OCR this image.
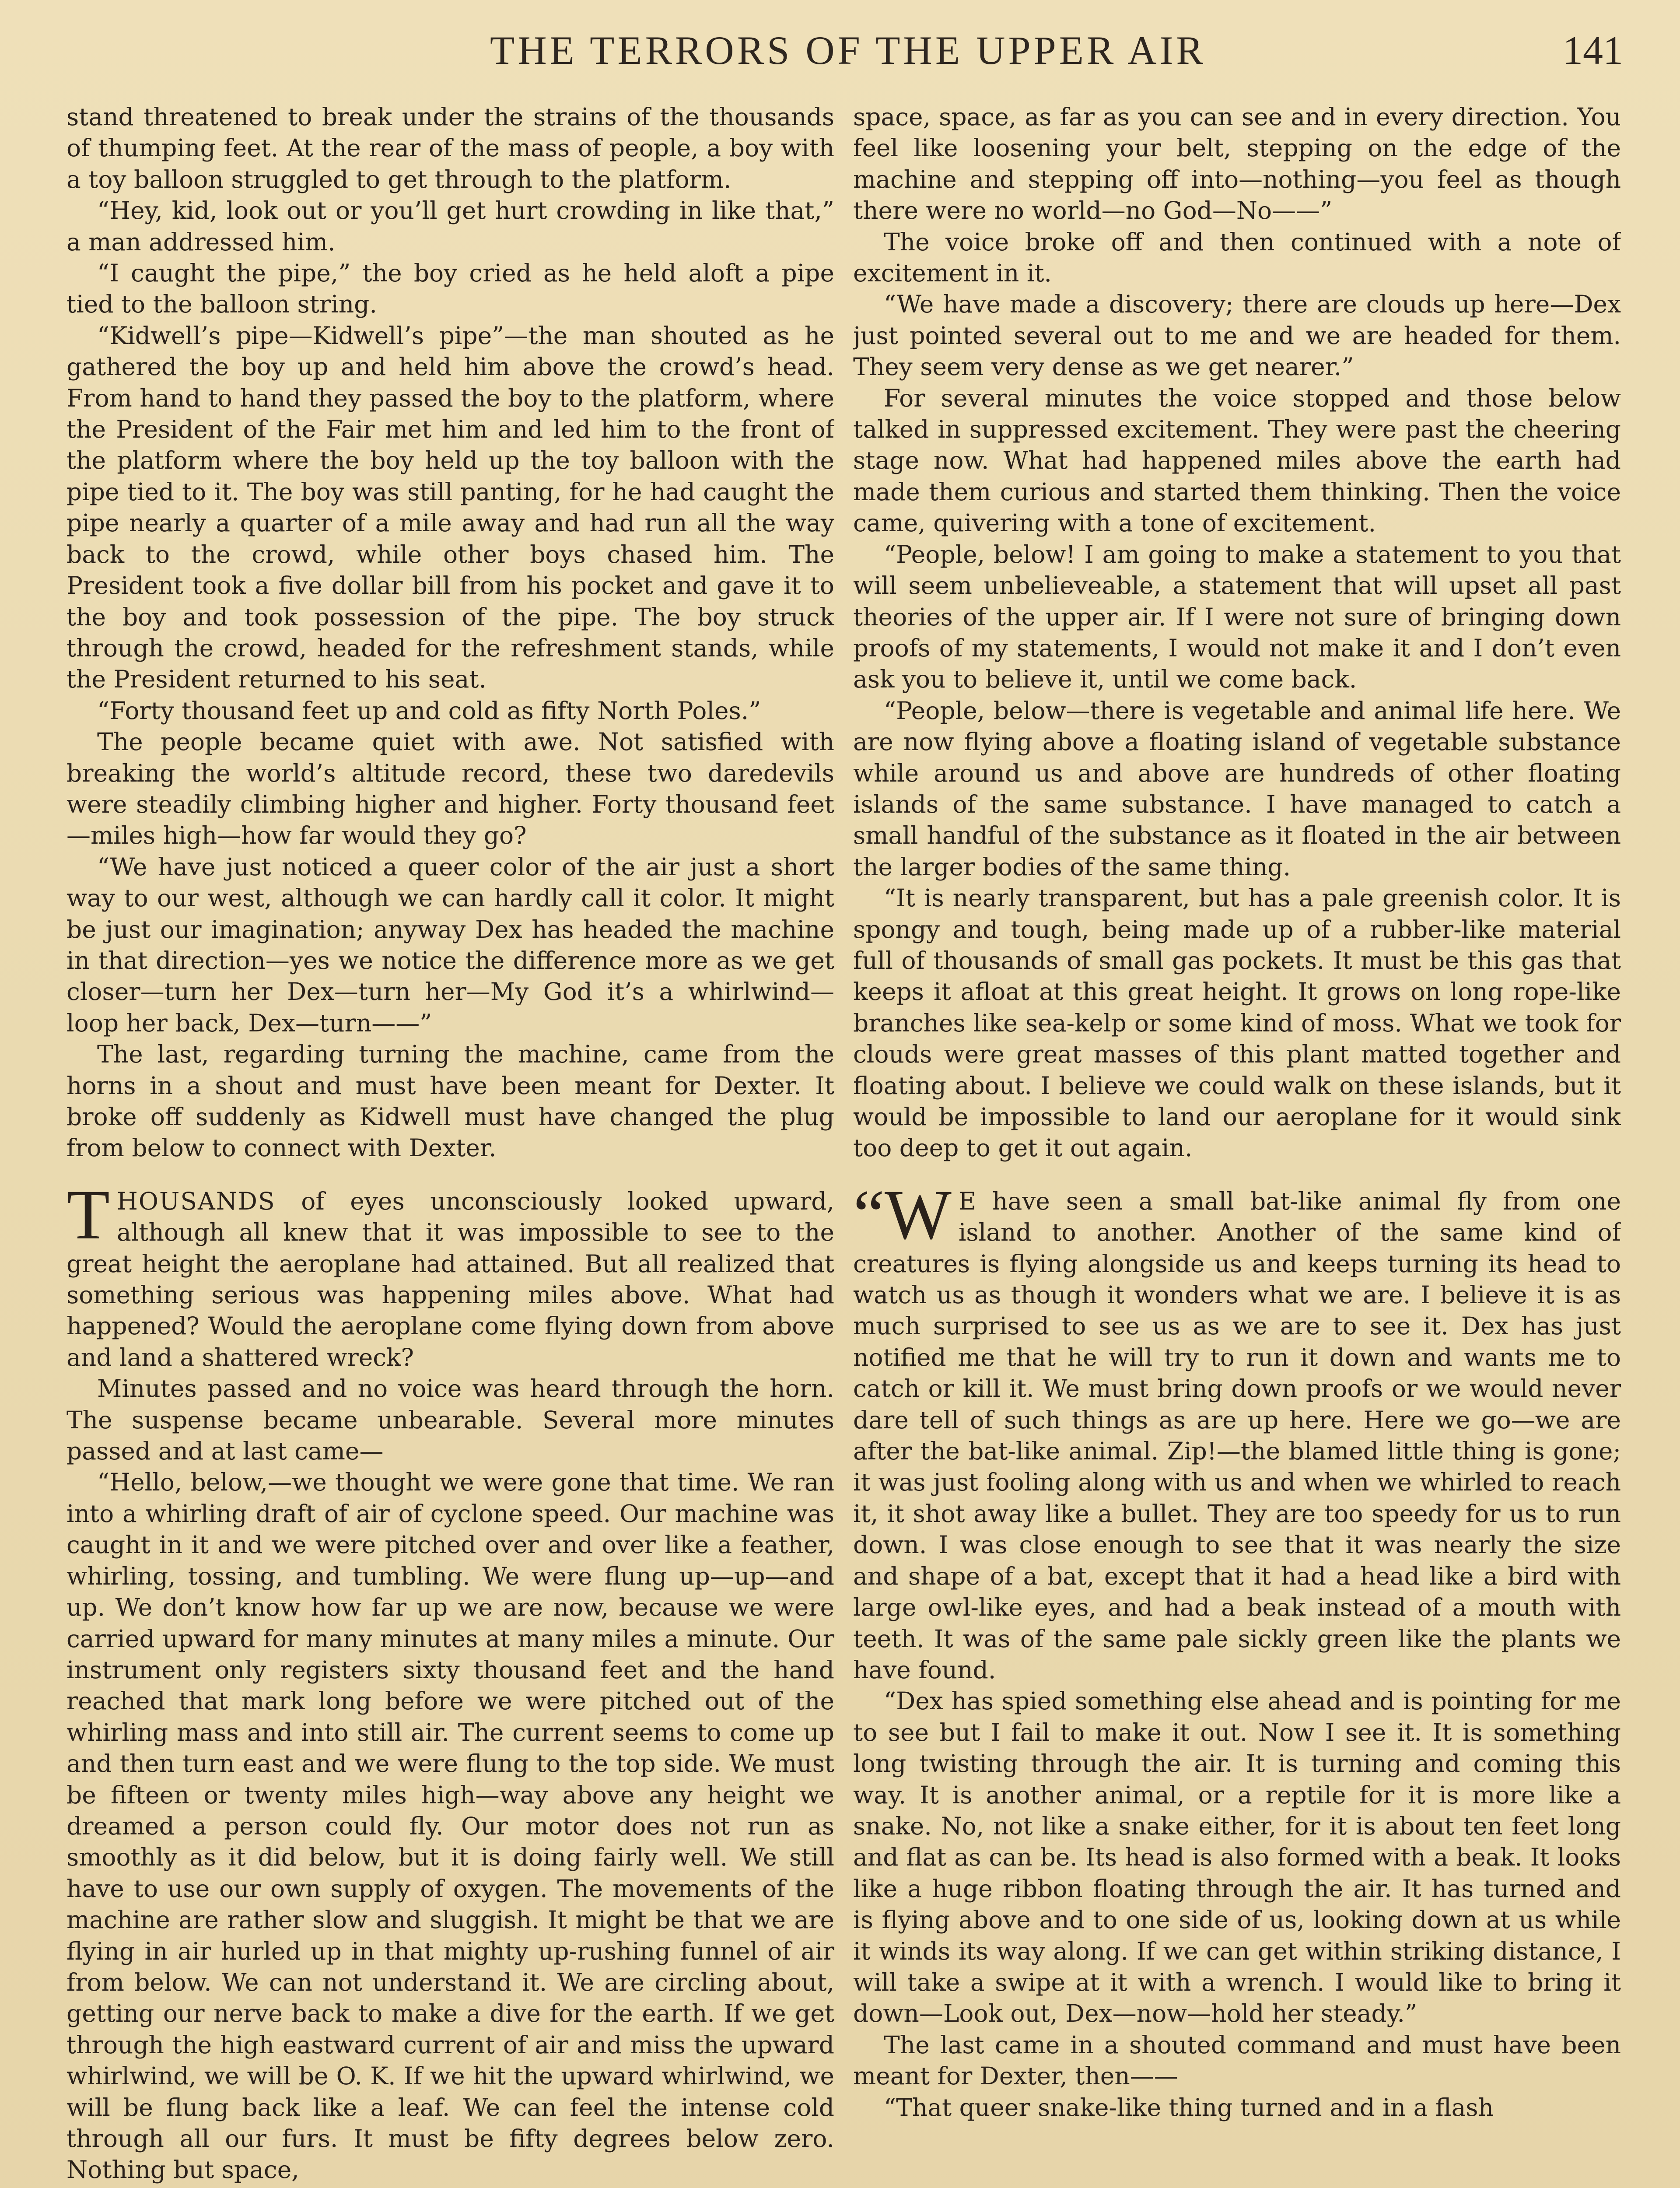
THE TERRORS OF THE UPPER AIR	141

stand threatened to break under the strains of the thousands of thumping feet. At the rear of the mass of people, a boy with a toy balloon struggled to get through to the platform.

“Hey, kid, look out or you’ll get hurt crowding in like that,” a man addressed him.

“I caught the pipe,” the boy cried as he held aloft a pipe tied to the balloon string.

“Kidwell’s pipe—Kidwell’s pipe”—the man shouted as he gathered the boy up and held him above the crowd’s head. From hand to hand they passed the boy to the platform, where the President of the Fair met him and led him to the front of the platform where the boy held up the toy balloon with the pipe tied to it. The boy was still panting, for he had caught the pipe nearly a quarter of a mile away and had run all the way back to the crowd, while other boys chased him. The President took a five dollar bill from his pocket and gave it to the boy and took possession of the pipe. The boy struck through the crowd, headed for the refreshment stands, while the President returned to his seat.

“Forty thousand feet up and cold as fifty North Poles.”

The people became quiet with awe. Not satisfied with breaking the world’s altitude record, these two daredevils were steadily climbing higher and higher. Forty thousand feet—miles high—how far would they go?

“We have just noticed a queer color of the air just a short way to our west, although we can hardly call it color. It might be just our imagination; anyway Dex has headed the machine in that direction—yes we notice the difference more as we get closer—turn her Dex—turn her—My God it’s a whirlwind—loop her back, Dex—turn——”

The last, regarding turning the machine, came from the horns in a shout and must have been meant for Dexter. It broke off suddenly as Kidwell must have changed the plug from below to connect with Dexter.

THOUSANDS of eyes unconsciously looked upward, although all knew that it was impossible to see to the great height the aeroplane had attained. But all realized that something serious was happening miles above. What had happened? Would the aeroplane come flying down from above and land a shattered wreck?

Minutes passed and no voice was heard through the horn. The suspense became unbearable. Several more minutes passed and at last came—

“Hello, below,—we thought we were gone that time. We ran into a whirling draft of air of cyclone speed. Our machine was caught in it and we were pitched over and over like a feather, whirling, tossing, and tumbling. We were flung up—up—and up. We don’t know how far up we are now, because we were carried upward for many minutes at many miles a minute. Our instrument only registers sixty thousand feet and the hand reached that mark long before we were pitched out of the whirling mass and into still air. The current seems to come up and then turn east and we were flung to the top side. We must be fifteen or twenty miles high—way above any height we dreamed a person could fly. Our motor does not run as smoothly as it did below, but it is doing fairly well. We still have to use our own supply of oxygen. The movements of the machine are rather slow and sluggish. It might be that we are flying in air hurled up in that mighty up-rushing funnel of air from below. We can not understand it. We are circling about, getting our nerve back to make a dive for the earth. If we get through the high eastward current of air and miss the upward whirlwind, we will be O. K. If we hit the upward whirlwind, we will be flung back like a leaf. We can feel the intense cold through all our furs. It must be fifty degrees below zero. Nothing but space,

space, space, as far as you can see and in every direction. You feel like loosening your belt, stepping on the edge of the machine and stepping off into—nothing—you feel as though there were no world—no God—No——”

The voice broke off and then continued with a note of excitement in it.

“We have made a discovery; there are clouds up here—Dex just pointed several out to me and we are headed for them. They seem very dense as we get nearer.”

For several minutes the voice stopped and those below talked in suppressed excitement. They were past the cheering stage now. What had happened miles above the earth had made them curious and started them thinking. Then the voice came, quivering with a tone of excitement.

“People, below! I am going to make a statement to you that will seem unbelieveable, a statement that will upset all past theories of the upper air. If I were not sure of bringing down proofs of my statements, I would not make it and I don’t even ask you to believe it, until we come back.

“People, below—there is vegetable and animal life here. We are now flying above a floating island of vegetable substance while around us and above are hundreds of other floating islands of the same substance. I have managed to catch a small handful of the substance as it floated in the air between the larger bodies of the same thing.

“It is nearly transparent, but has a pale greenish color. It is spongy and tough, being made up of a rubber-like material full of thousands of small gas pockets. It must be this gas that keeps it afloat at this great height. It grows on long rope-like branches like sea-kelp or some kind of moss. What we took for clouds were great masses of this plant matted together and floating about. I believe we could walk on these islands, but it would be impossible to land our aeroplane for it would sink too deep to get it out again.

“W E have seen a small bat-like animal fly from one island to another. Another of the same kind of creatures is flying alongside us and keeps turning its head to watch us as though it wonders what we are. I believe it is as much surprised to see us as we are to see it. Dex has just notified me that he will try to run it down and wants me to catch or kill it. We must bring down proofs or we would never dare tell of such things as are up here. Here we go—we are after the bat-like animal. Zip!—the blamed little thing is gone; it was just fooling along with us and when we whirled to reach it, it shot away like a bullet. They are too speedy for us to run down. I was close enough to see that it was nearly the size and shape of a bat, except that it had a head like a bird with large owl-like eyes, and had a beak instead of a mouth with teeth. It was of the same pale sickly green like the plants we have found.

“Dex has spied something else ahead and is pointing for me to see but I fail to make it out. Now I see it. It is something long twisting through the air. It is turning and coming this way. It is another animal, or a reptile for it is more like a snake. No, not like a snake either, for it is about ten feet long and flat as can be. Its head is also formed with a beak. It looks like a huge ribbon floating through the air. It has turned and is flying above and to one side of us, looking down at us while it winds its way along. If we can get within striking distance, I will take a swipe at it with a wrench. I would like to bring it down—Look out, Dex—now—hold her steady.”

The last came in a shouted command and must have been meant for Dexter, then——

“That queer snake-like thing turned and in a flash
